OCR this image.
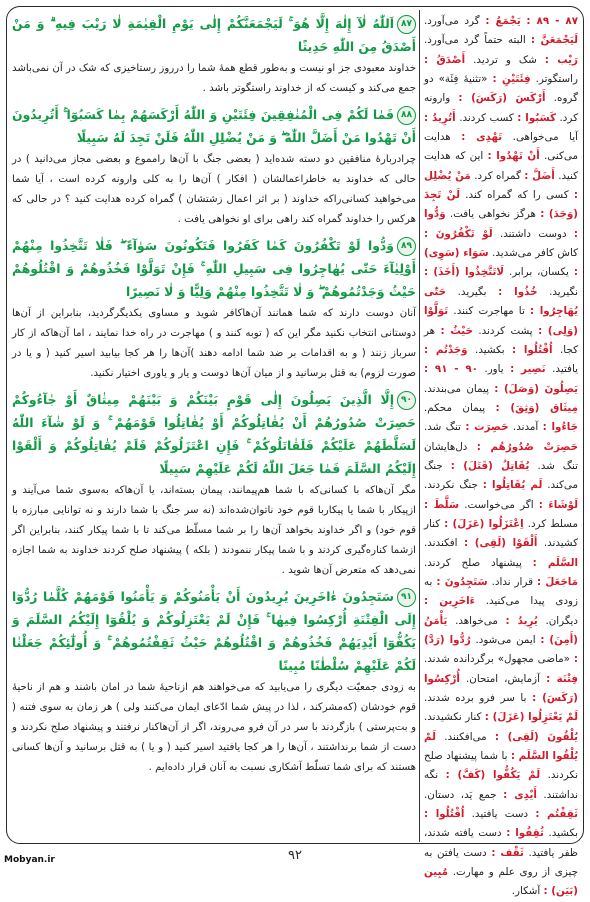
۸۷اَللّٰهُ لٰآ إِلٰهَ إِلَّا هُوَ ۚ لَيَجْمَعَنَّكُمْ إِلٰى يَوْمِ الْقِيٰمَةِ لٰا رَيْبَ فِيهِ ۗ وَ مَنْ أَصْدَقُ مِنَ اللّٰهِ حَدِيثًا
خداوند معبودى جز او نيست و به‌طور قطع همهٔ شما را درروز رستاخيزى كه شک در آن نمى‌باشد جمع مى‌كند و كيست كه از خداوند راستگوتر باشد .
۸۸فَمٰا لَكُمْ فِى الْمُنٰفِقِينَ فِئَتَيْنِ وَ اللّٰهُ أَرْكَسَهُمْ بِمٰا كَسَبُوٓا ۚ أَتُرِيدُونَ أَنْ تَهْدُوا مَنْ أَضَلَّ اللّٰهُ ۖ وَ مَنْ يُضْلِلِ اللّٰهُ فَلَنْ تَجِدَ لَهُ سَبِيلًا
چرادربارهٔ منافقين دو دسته شده‌ايد ( بعضى جنگ با آن‌ها رامموع و بعضى مجاز مى‌دانيد ) در حالى كه خداوند به خاطراعمالشان ( افكار ) آن‌ها را به كلى وارونه كرده است ، آيا شما مى‌خواهيد كسانى‌راكه خداوند ( بر اثر اعمال زشتشان ) گمراه كرده هدايت كنيد ؟ در حالى كه هركس را خداوند گمراه كند راهى براى او نخواهى يافت .
۸۹وَدُّوا لَوْ تَكْفُرُونَ كَمٰا كَفَرُوا فَتَكُونُونَ سَوٰآءً ۖ فَلٰا تَتَّخِذُوا مِنْهُمْ أَوْلِيٰآءَ حَتّٰى يُهٰاجِرُوا فِى سَبِيلِ اللّٰهِ ۚ فَإِنْ تَوَلَّوْا فَخُذُوهُمْ وَ اقْتُلُوهُمْ حَيْثُ وَجَدْتُمُوهُمْ ۖ وَ لٰا تَتَّخِذُوا مِنْهُمْ وَلِيًّا وَ لٰا نَصِيرًا
آنان دوست دارند كه شما همانند آن‌هاكافر شويد و مساوى يكديگرگرديد، بنابراين از آن‌ها دوستانى انتخاب نكنيد مگر اين كه ( توبه كنند و ) مهاجرت در راه خدا نمايند ، اما آن‌هاكه از كار سرباز زنند ( و به اقدامات بر ضد شما ادامه دهند )آن‌ها را هر كجا بيابيد اسير كنيد ( و يا در صورت لزوم) به قتل برسانيد و از ميان آن‌ها دوست و يار و ياورى اختيار نكنيد.
۹۰إِلَّا الَّذِينَ يَصِلُونَ إِلٰى قَوْمٍ بَيْنَكُمْ وَ بَيْنَهُمْ مِيثٰاقٌ أَوْ جٰآءُوكُمْ حَصِرَتْ صُدُورُهُمْ أَنْ يُقٰاتِلُوكُمْ أَوْ يُقٰاتِلُوا قَوْمَهُمْ ۚ وَ لَوْ شٰآءَ اللّٰهُ لَسَلَّطَهُمْ عَلَيْكُمْ فَلَقٰاتَلُوكُمْ ۚ فَإِنِ اعْتَزَلُوكُمْ فَلَمْ يُقٰاتِلُوكُمْ وَ أَلْقَوْا إِلَيْكُمُ السَّلَمَ فَمٰا جَعَلَ اللّٰهُ لَكُمْ عَلَيْهِمْ سَبِيلًا
مگر آن‌هاكه با كسانى‌كه با شما هم‌پيمانند، پيمان بسته‌اند، يا آن‌هاكه به‌سوى شما مى‌آيند و ازپيكار با شما يا پيكاربا قوم خود ناتوان‌شده‌اند (نه سر جنگ با شما دارند و نه توانايى مبارزه با قوم خود) و اگر خداوند بخواهد آن‌ها را بر شما مسلّط مى‌كند تا با شما پيكار كنند، بنابراين اگر ازشما كناره‌گيرى كردند و با شما پيكار ننمودند ( بلكه ) پيشنهاد صلح كردند خداوند به شما اجازه نمى‌دهد كه متعرض آن‌ها شويد .
۹۱سَتَجِدُونَ ءٰاخَرِينَ يُرِيدُونَ أَنْ يَأْمَنُوكُمْ وَ يَأْمَنُوا قَوْمَهُمْ كُلَّمٰا رُدُّوٓا إِلَى الْفِتْنَةِ أُرْكِسُوا فِيهٰا ۚ فَإِنْ لَمْ يَعْتَزِلُوكُمْ وَ يُلْقُوٓا إِلَيْكُمُ السَّلَمَ وَ يَكُفُّوٓا أَيْدِيَهُمْ فَخُذُوهُمْ وَ اقْتُلُوهُمْ حَيْثُ ثَقِفْتُمُوهُمْ ۚ وَ أُولٰٓئِكُمْ جَعَلْنٰا لَكُمْ عَلَيْهِمْ سُلْطٰنًا مُبِينًا
به زودى جمعيّت ديگرى را مى‌يابيد كه مى‌خواهند هم ازناحيهٔ شما در امان باشند و هم از ناحيهٔ قوم خودشان (كه‌مشركند ، لذا در پيش شما ادّعاى ايمان مى‌كنند ولى ) هر زمان به سوى فتنه ( و بت‌پرستى ) بازگردند با سر در آن فرو مى‌روند، اگر از آن‌هاكنار نرفتند و پيشنهاد صلح نكردند و دست از شما برنداشتند ، آن‌ها را هر كجا يافتيد اسير كنيد ( و يا ) به قتل برسانيد و آن‌ها كسانى هستند كه براى شما تسلّط آشكارى نسبت به آنان قرار داده‌ايم .
۸۷ - ۸۹ : يَجْمَعُ : گرد مى‌آورد. لَيَجْمَعَنَّ : البته حتماً گرد مى‌آورد. رَيْب : شک و ترديد. أَصْدَقُ : راستگوتر. فِئَتَيْنِ : «تثنيهٔ فِئَة» دو گروه. أَرْكَسَ (رَكَسَ) : وارونه كرد. كَسَبُوا : كسب كردند. أَتُرِيدُ : آيا مى‌خواهى. تَهْدِى : هدايت مى‌كنى. أَنْ تَهْدُوا : اين كه هدايت كنيد. أَضَلَّ : گمراه كرد. مَنْ يُضْلِل : كسى را كه گمراه كند. لَنْ تَجِدَ (وَجَدَ) : هرگز نخواهى يافت. وَدُّوا : دوست داشتند. لَوْ تَكْفُرُونَ : كاش كافر مى‌شديد. سَوَاء (سَوِى) : يكسان، برابر. لَاتَتَّخِذُوا (أَخَذَ) : نگيريد. خُذُوا : بگيريد. حَتّٰى يُهَاجِرُوا : تا مهاجرت كنند. تَوَلَّوْا (وَلِى) : پشت كردند. حَيْثُ : هر كجا. اُقْتُلُوا : بكشيد. وَجَدْتُم : يافتيد. نَصِير : ياور. ۹۰ - ۹۱ : يَصِلُونَ (وَصَلَ) : پيمان مى‌بندند. مِيثَاق (وَثِقَ) : پيمان محكم. جَاءُوا : آمدند. حَصِرَت : تنگ شد. حَصِرَتْ صُدُورُهُم : دل‌هايشان تنگ شد. يُقَاتِلُ (قَتَلَ) : جنگ مى‌كند. لَم يُقَاتِلُوا : جنگ نكردند. لَوْشَاءَ : اگر مى‌خواست. سَلَّطَ : مسلط كرد. اِعْتَزَلُوا (عَزَلَ) : كنار كشيدند. أَلْقَوْا (لَقِى) : افكندند. السَّلَم : پيشنهاد صلح كردند. مَاجَعَلَ : قرار نداد. سَتَجِدُونَ : به زودى پيدا مى‌كنيد. ءَاخَرِين : ديگران. يُرِيدُ : مى‌خواهد. يَأْمَنُ (أَمِنَ) : ايمن مى‌شود. رُدُّوا (رَدَّ) : «ماضى مجهول» برگردانده شدند. فِتْنَة : آزمايش، امتحان. أُرْكِسُوا (رَكَسَ) : با سر فرو برده شدند. لَمْ يَعْتَزِلُوا (عَزَلَ) : كنار نكشيدند. يُلْقُونَ (لَقِى) : مى‌افكنند. لَمْ يُلْقُوا السَّلَم : با شما پيشنهاد صلح نكردند. لَمْ يَكُفُّوا (كَفَّ) : نگه نداشتند. أَيْدِى : جمع يَد، دستان. ثَقِفْتُم : دست يافتيد. اُقْتُلُوا : بكشيد. ثُقِفُوا : دست يافته شدند، ظفر يافتيد. ثَقْف : دست يافتن به چيزى از روى علم و مهارت. مُبِين (بَيَن) : آشكار.
۹۲
Mobyan.ir
